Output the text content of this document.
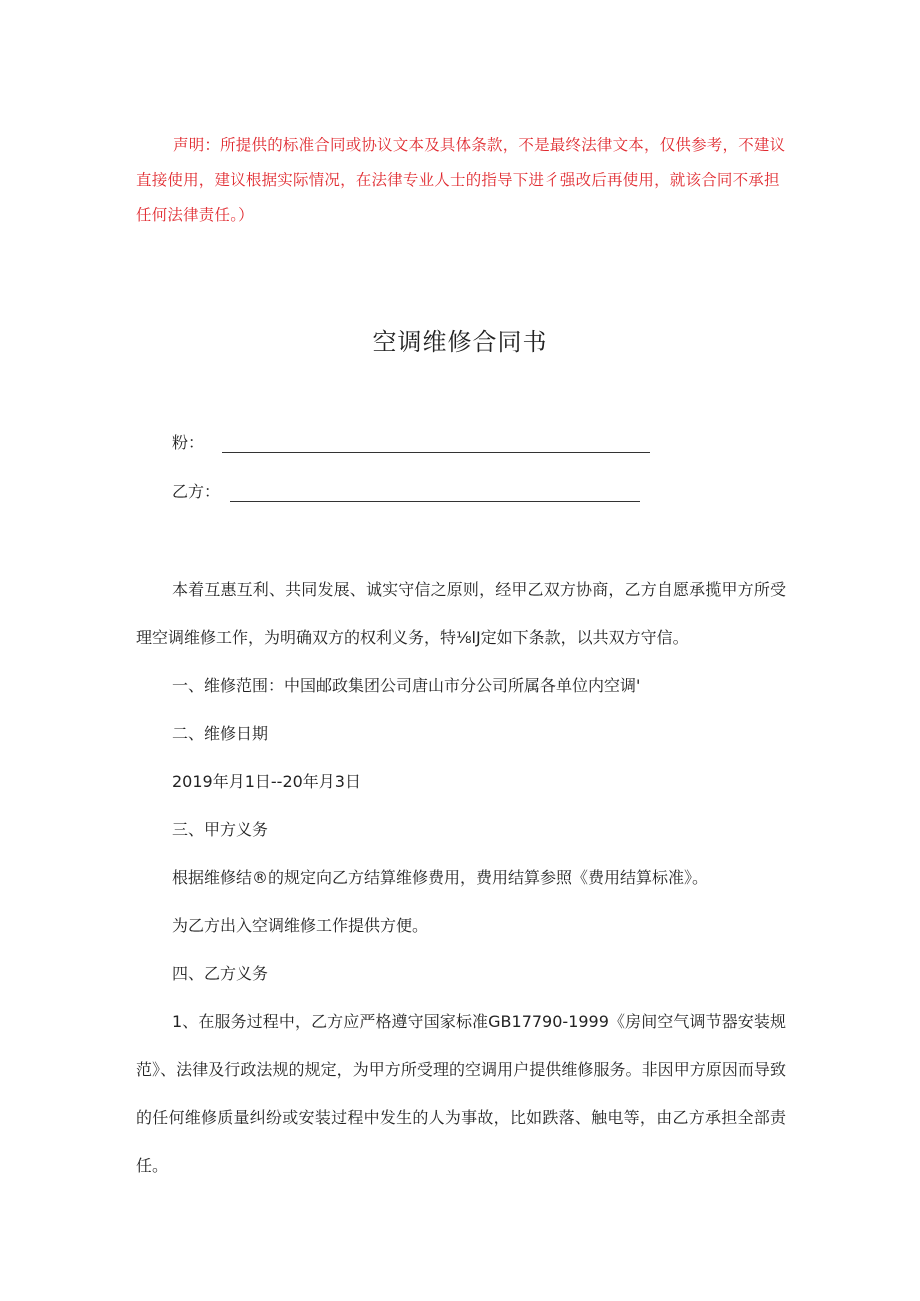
声明：所提供的标准合同或协议文本及具体条款，不是最终法律文本，仅供参考，不建议直接使用，建议根据实际情况，在法律专业人士的指导下进彳强改后再使用，就该合同不承担任何法律责任。）

空调维修合同书
粉：
乙方：

本着互惠互利、共同发展、诚实守信之原则，经甲乙双方协商，乙方自愿承揽甲方所受理空调维修工作，为明确双方的权利义务，特⅛lJ定如下条款，以共双方守信。

一、维修范围：中国邮政集团公司唐山市分公司所属各单位内空调'

二、维修日期

2019年月1日--20年月3日

三、甲方义务

根据维修结®的规定向乙方结算维修费用，费用结算参照《费用结算标准》。

为乙方出入空调维修工作提供方便。

四、乙方义务

1、在服务过程中，乙方应严格遵守国家标准GB17790-1999《房间空气调节器安装规范》、法律及行政法规的规定，为甲方所受理的空调用户提供维修服务。非因甲方原因而导致的任何维修质量纠纷或安装过程中发生的人为事故，比如跌落、触电等，由乙方承担全部责任。
